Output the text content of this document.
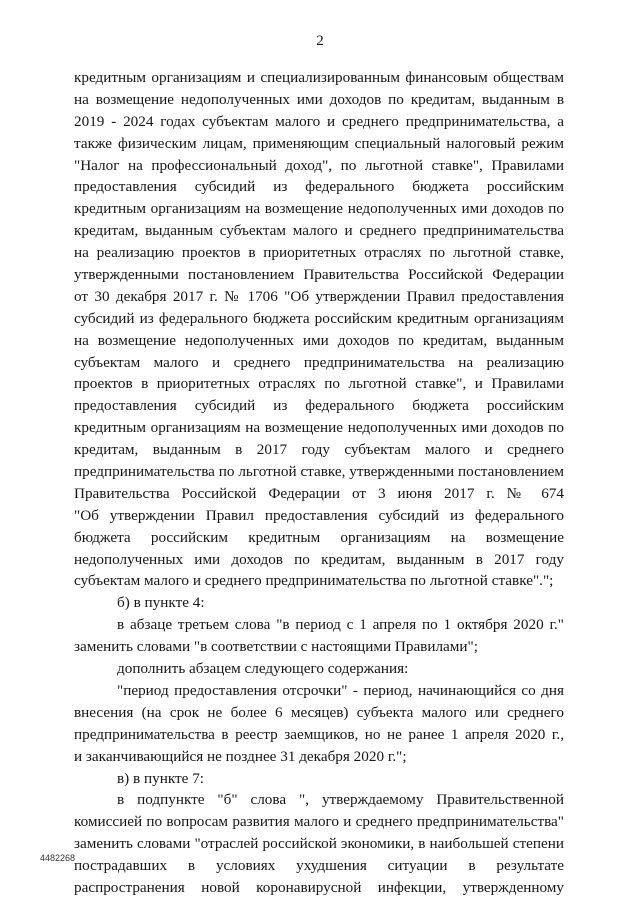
2
кредитным организациям и специализированным финансовым обществам
на возмещение недополученных ими доходов по кредитам, выданным в
2019 - 2024 годах субъектам малого и среднего предпринимательства, а
также физическим лицам, применяющим специальный налоговый режим
"Налог на профессиональный доход", по льготной ставке", Правилами
предоставления субсидий из федерального бюджета российским
кредитным организациям на возмещение недополученных ими доходов по
кредитам, выданным субъектам малого и среднего предпринимательства
на реализацию проектов в приоритетных отраслях по льготной ставке,
утвержденными постановлением Правительства Российской Федерации
от 30 декабря 2017 г. № 1706 "Об утверждении Правил предоставления
субсидий из федерального бюджета российским кредитным организациям
на возмещение недополученных ими доходов по кредитам, выданным
субъектам малого и среднего предпринимательства на реализацию
проектов в приоритетных отраслях по льготной ставке", и Правилами
предоставления субсидий из федерального бюджета российским
кредитным организациям на возмещение недополученных ими доходов по
кредитам, выданным в 2017 году субъектам малого и среднего
предпринимательства по льготной ставке, утвержденными постановлением
Правительства Российской Федерации от 3 июня 2017 г. № 674
"Об утверждении Правил предоставления субсидий из федерального
бюджета российским кредитным организациям на возмещение
недополученных ими доходов по кредитам, выданным в 2017 году
субъектам малого и среднего предпринимательства по льготной ставке".";
б) в пункте 4:
в абзаце третьем слова "в период с 1 апреля по 1 октября 2020 г."
заменить словами "в соответствии с настоящими Правилами";
дополнить абзацем следующего содержания:
"период предоставления отсрочки" - период, начинающийся со дня
внесения (на срок не более 6 месяцев) субъекта малого или среднего
предпринимательства в реестр заемщиков, но не ранее 1 апреля 2020 г.,
и заканчивающийся не позднее 31 декабря 2020 г.";
в) в пункте 7:
в подпункте "б" слова ", утверждаемому Правительственной
комиссией по вопросам развития малого и среднего предпринимательства"
заменить словами "отраслей российской экономики, в наибольшей степени
пострадавших в условиях ухудшения ситуации в результате
распространения новой коронавирусной инфекции, утвержденному
4482268
